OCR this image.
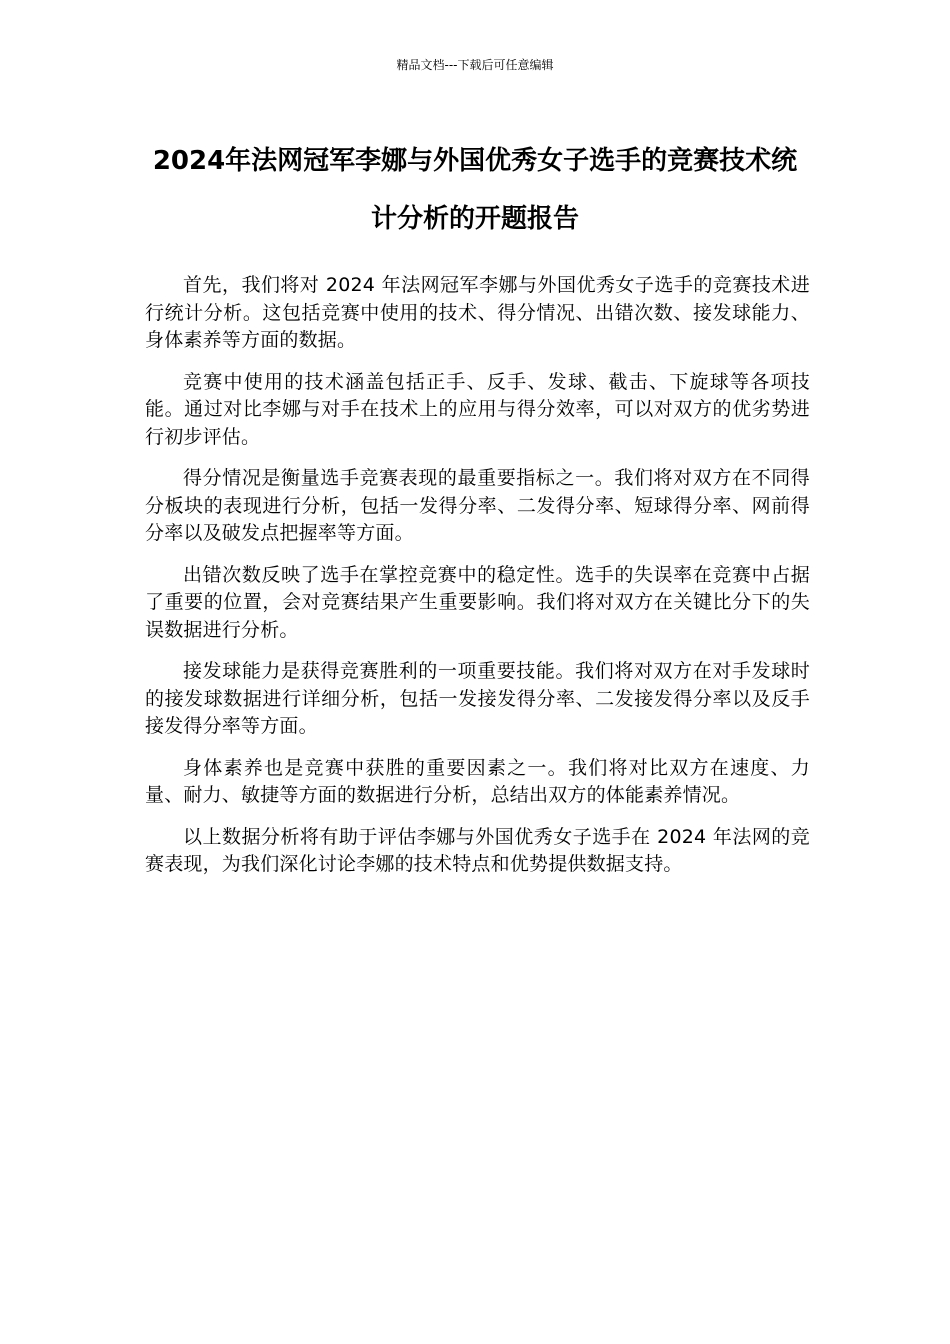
精品文档---下载后可任意编辑
2024年法网冠军李娜与外国优秀女子选手的竞赛技术统计分析的开题报告

首先，我们将对 2024 年法网冠军李娜与外国优秀女子选手的竞赛技术进行统计分析。这包括竞赛中使用的技术、得分情况、出错次数、接发球能力、身体素养等方面的数据。

竞赛中使用的技术涵盖包括正手、反手、发球、截击、下旋球等各项技能。通过对比李娜与对手在技术上的应用与得分效率，可以对双方的优劣势进行初步评估。

得分情况是衡量选手竞赛表现的最重要指标之一。我们将对双方在不同得分板块的表现进行分析，包括一发得分率、二发得分率、短球得分率、网前得分率以及破发点把握率等方面。

出错次数反映了选手在掌控竞赛中的稳定性。选手的失误率在竞赛中占据了重要的位置，会对竞赛结果产生重要影响。我们将对双方在关键比分下的失误数据进行分析。

接发球能力是获得竞赛胜利的一项重要技能。我们将对双方在对手发球时的接发球数据进行详细分析，包括一发接发得分率、二发接发得分率以及反手接发得分率等方面。

身体素养也是竞赛中获胜的重要因素之一。我们将对比双方在速度、力量、耐力、敏捷等方面的数据进行分析，总结出双方的体能素养情况。

以上数据分析将有助于评估李娜与外国优秀女子选手在 2024 年法网的竞赛表现，为我们深化讨论李娜的技术特点和优势提供数据支持。
